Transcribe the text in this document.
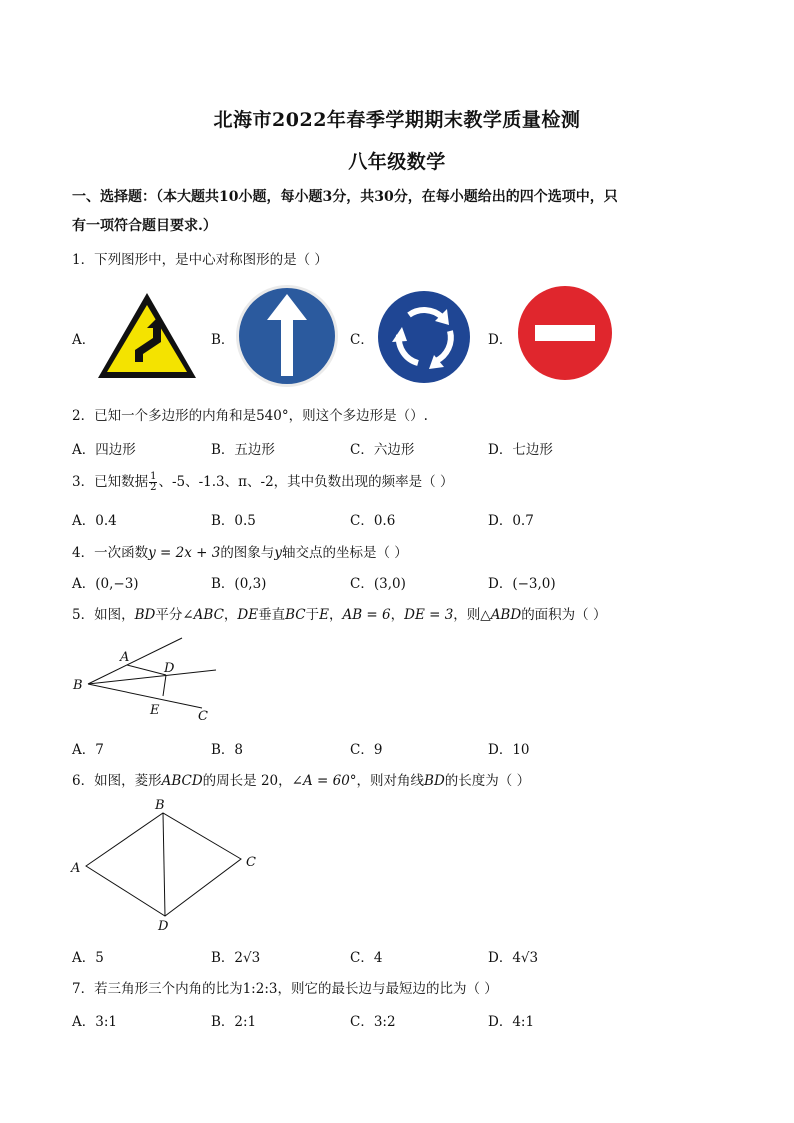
北海市2022年春季学期期末教学质量检测
八年级数学
一、选择题：（本大题共10小题，每小题3分，共30分，在每小题给出的四个选项中，只
有一项符合题目要求.）
1．下列图形中，是中心对称图形的是（ ）
A．	B．	C．	D．
2．已知一个多边形的内角和是540°，则这个多边形是（）.
A．四边形	B．五边形	C．六边形	D．七边形
3．已知数据 $\frac{1}{2}$ 、-5、-1.3、π、-2，其中负数出现的频率是（ ）
A．0.4	B．0.5	C．0.6	D．0.7
4．一次函数y = 2x + 3的图象与y轴交点的坐标是（ ）
A．(0,−3)	B．(0,3)	C．(3,0)	D．(−3,0)
5．如图，BD平分∠ABC，DE垂直BC于E，AB = 6，DE = 3，则△ABD的面积为（ ）
A
B
C
D
E
A．7	B．8	C．9	D．10
6．如图，菱形ABCD的周长是 20，∠A = 60°，则对角线BD的长度为（ ）
A
B
C
D
A．5	B．2√3	C．4	D．4√3
7．若三角形三个内角的比为1:2:3，则它的最长边与最短边的比为（ ）
A．3:1	B．2:1	C．3:2	D．4:1
